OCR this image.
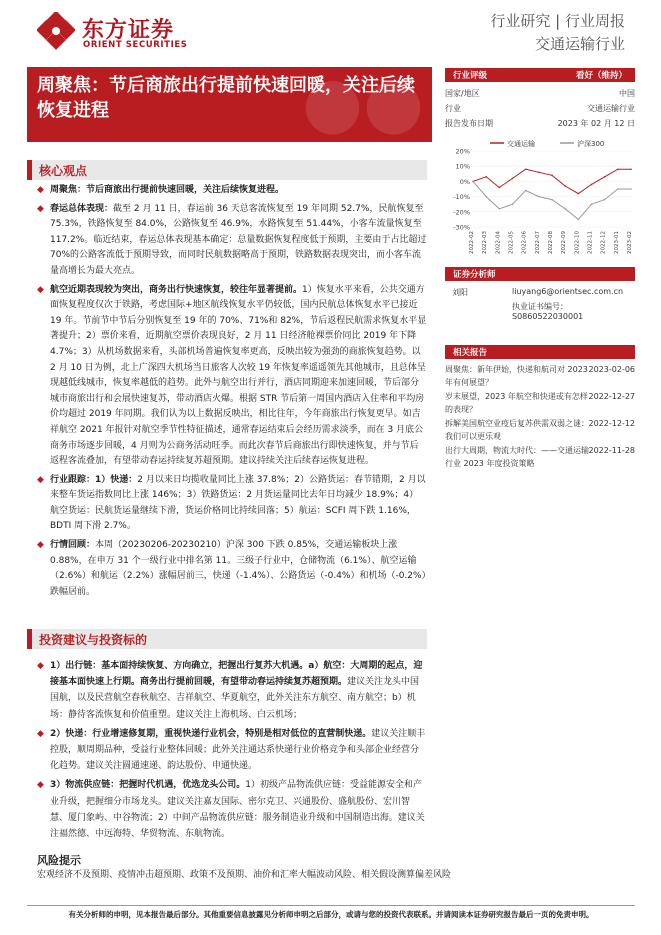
东方证券
ORIENT SECURITIES
行业研究 | 行业周报
交通运输行业
●●
周聚焦：节后商旅出行提前快速回暖，关注后续恢复进程
核心观点
◆ 周聚焦：节后商旅出行提前快速回暖，关注后续恢复进程。
◆ 春运总体表现：截至 2 月 11 日，春运前 36 天总客流恢复至 19 年同期 52.7%，民航恢复至 75.3%，铁路恢复至 84.0%，公路恢复至 46.9%，水路恢复至 51.44%，小客车流量恢复至 117.2%。临近结束，春运总体表现基本确定：总量数据恢复程度低于预期，主要由于占比超过 70%的公路客流低于预期导致，而同时民航数据略高于预期，铁路数据表现突出，而小客车流量高增长为最大亮点。
◆ 航空近期表现较为突出，商务出行快速恢复，较往年显著提前。1）恢复水平来看，公共交通方面恢复程度仅次于铁路，考虑国际+地区航线恢复水平仍较低，国内民航总体恢复水平已接近 19 年。节前节中节后分别恢复至 19 年的 70%、71%和 82%，节后返程民航需求恢复水平显著提升；2）票价来看，近期航空票价表现良好，2 月 11 日经济舱裸票价同比 2019 年下降 4.7%；3）从机场数据来看，头部机场普遍恢复率更高，反映出较为强劲的商旅恢复趋势。以 2 月 10 日为例，北上广深四大机场当日旅客人次较 19 年恢复率遥遥领先其他城市，且总体呈现越低线城市，恢复率越低的趋势。此外与航空出行并行，酒店同期迎来加速回暖，节后部分城市商旅出行和会展快速复苏，带动酒店火爆。根据 STR 节后第一周国内酒店入住率和平均房价均超过 2019 年同期。我们认为以上数据反映出，相比往年，今年商旅出行恢复更早。如吉祥航空 2021 年报针对航空季节性特征描述，通常春运结束后会经历需求淡季，而在 3 月底公商务市场逐步回暖，4 月则为公商务活动旺季。而此次春节后商旅出行即快速恢复，并与节后返程客流叠加，有望带动春运持续复苏超预期。建议持续关注后续春运恢复进程。
◆ 行业跟踪：1）快递：2 月以来日均揽收量同比上涨 37.8%；2）公路货运：春节错期，2 月以来整车货运指数同比上涨 146%；3）铁路货运：2 月货运量同比去年日均减少 18.9%；4）航空货运：民航货运量继续下滑，货运价格同比持续回落；5）航运：SCFI 周下跌 1.16%，BDTI 周下滑 2.7%。
◆ 行情回顾：本周（20230206-20230210）沪深 300 下跌 0.85%，交通运输板块上涨 0.88%，在申万 31 个一级行业中排名第 11。三级子行业中，仓储物流（6.1%）、航空运输（2.6%）和航运（2.2%）涨幅居前三，快递（-1.4%）、公路货运（-0.4%）和机场（-0.2%）跌幅居前。
投资建议与投资标的
◆ 1）出行链：基本面持续恢复、方向确立，把握出行复苏大机遇。a）航空：大周期的起点，迎接基本面快速上行期。商务出行提前回暖，有望带动春运持续复苏超预期。建议关注龙头中国国航，以及民营航空春秋航空、吉祥航空、华夏航空，此外关注东方航空、南方航空；b）机场：静待客流恢复和价值重塑。建议关注上海机场、白云机场；
◆ 2）快递：行业增速修复期，重视快递行业机会，特别是相对低位的直营制快递。建议关注顺丰控股，顺周期品种，受益行业整体回暖；此外关注通达系快递行业价格竞争和头部企业经营分化趋势。建议关注圆通速递、韵达股份、申通快递。
◆ 3）物流供应链：把握时代机遇，优选龙头公司。1）初级产品物流供应链：受益能源安全和产业升级，把握细分市场龙头。建议关注嘉友国际、密尔克卫、兴通股份、盛航股份、宏川智慧、厦门象屿、中谷物流；2）中间产品物流供应链：服务制造业升级和中国制造出海。建议关注福然德、中远海特、华贸物流、东航物流。
风险提示
宏观经济不及预期、疫情冲击超预期、政策不及预期、油价和汇率大幅波动风险、相关假设测算偏差风险
行业评级	看好（维持）
国家/地区	中国
行业	交通运输行业
报告发布日期	2023 年 02 月 12 日
交通运输	沪深300
20%
10%
0%
-10%
-20%
-30%
2022-02 2022-03 2022-04 2022-05 2022-06 2022-07 2022-08 2022-09 2022-10 2022-11 2022-12 2023-01 2023-02
证券分析师
刘阳	liuyang6@orientsec.com.cn
执业证书编号：S0860522030001
相关报告
周聚焦：新年伊始，快递和航司对 2023 年有何展望？
2023-02-06
岁末展望，2023 年航空和快递或有怎样的表现？
2022-12-27
拆解美国航空业疫后复苏供需双弱之谜：我们可以更乐观
2022-12-12
出行大周期，物流大时代：——交通运输行业 2023 年度投资策略
2022-11-28
有关分析师的申明，见本报告最后部分。其他重要信息披露见分析师申明之后部分，或请与您的投资代表联系。并请阅读本证券研究报告最后一页的免责申明。
